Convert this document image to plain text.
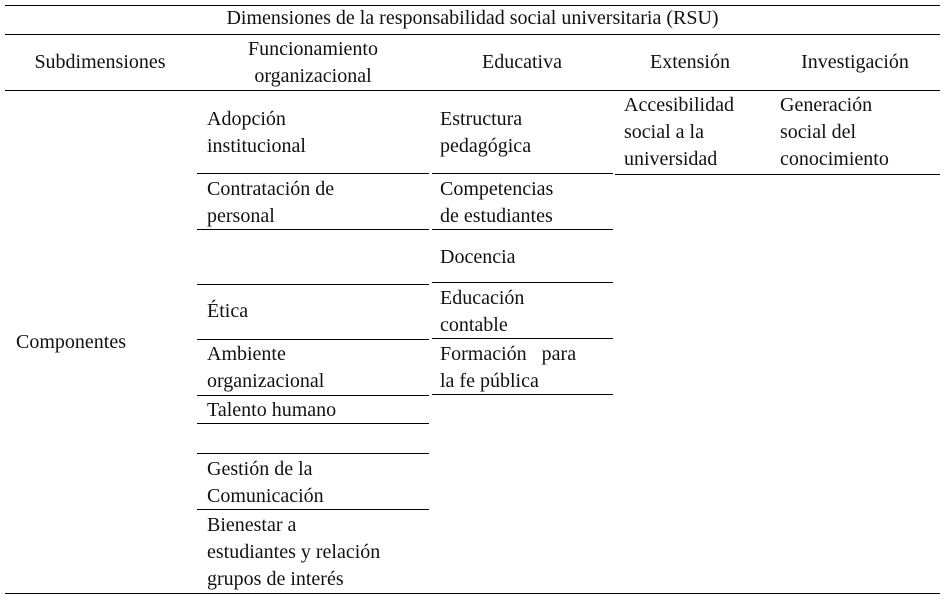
Dimensiones de la responsabilidad social universitaria (RSU)
Subdimensiones
Funcionamiento
organizacional
Educativa	Extensión	Investigación
Componentes
Adopción
institucional
Contratación de
personal
Ética
Ambiente
organizacional
Talento humano
Gestión de la
Comunicación
Bienestar a
estudiantes y relación
grupos de interés
Estructura
pedagógica
Competencias
de estudiantes
Docencia
Educación
contable
Formación   para
la fe pública
Accesibilidad
social a la
universidad
Generación
social del
conocimiento
